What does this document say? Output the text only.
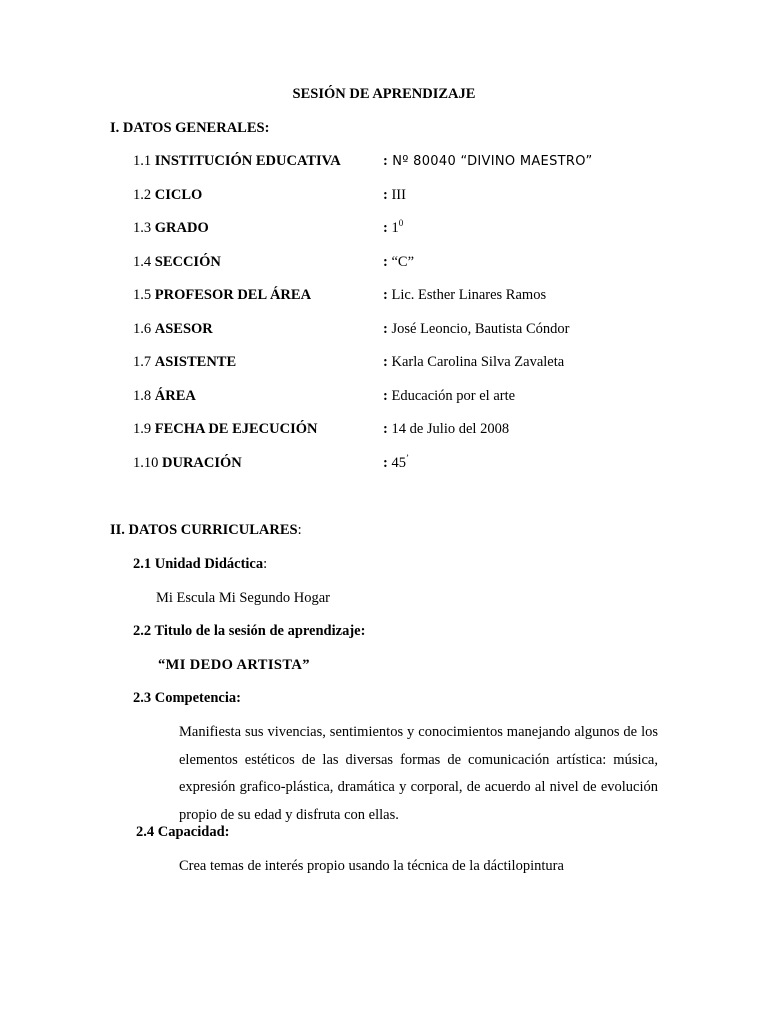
SESIÓN DE APRENDIZAJE
I. DATOS GENERALES:
1.1 INSTITUCIÓN EDUCATIVA	: Nº 80040 “DIVINO MAESTRO”
1.2 CICLO	: III
1.3 GRADO	: $1^0$
1.4 SECCIÓN	: “C”
1.5 PROFESOR DEL ÁREA	: Lic. Esther Linares Ramos
1.6 ASESOR	: José Leoncio, Bautista Cóndor
1.7 ASISTENTE	: Karla Carolina Silva Zavaleta
1.8 ÁREA	: Educación por el arte
1.9 FECHA DE EJECUCIÓN	: 14 de Julio del 2008
1.10 DURACIÓN	: 45’
II. DATOS CURRICULARES:
2.1 Unidad Didáctica:
Mi Escula Mi Segundo Hogar
2.2 Titulo de la sesión de aprendizaje:
“MI DEDO ARTISTA”
2.3 Competencia:
Manifiesta sus vivencias, sentimientos y conocimientos manejando algunos de los elementos estéticos de las diversas formas de comunicación artística: música, expresión grafico-plástica, dramática y corporal, de acuerdo al nivel de evolución propio de su edad y disfruta con ellas.
2.4 Capacidad:
Crea temas de interés propio usando la técnica de la dáctilopintura
